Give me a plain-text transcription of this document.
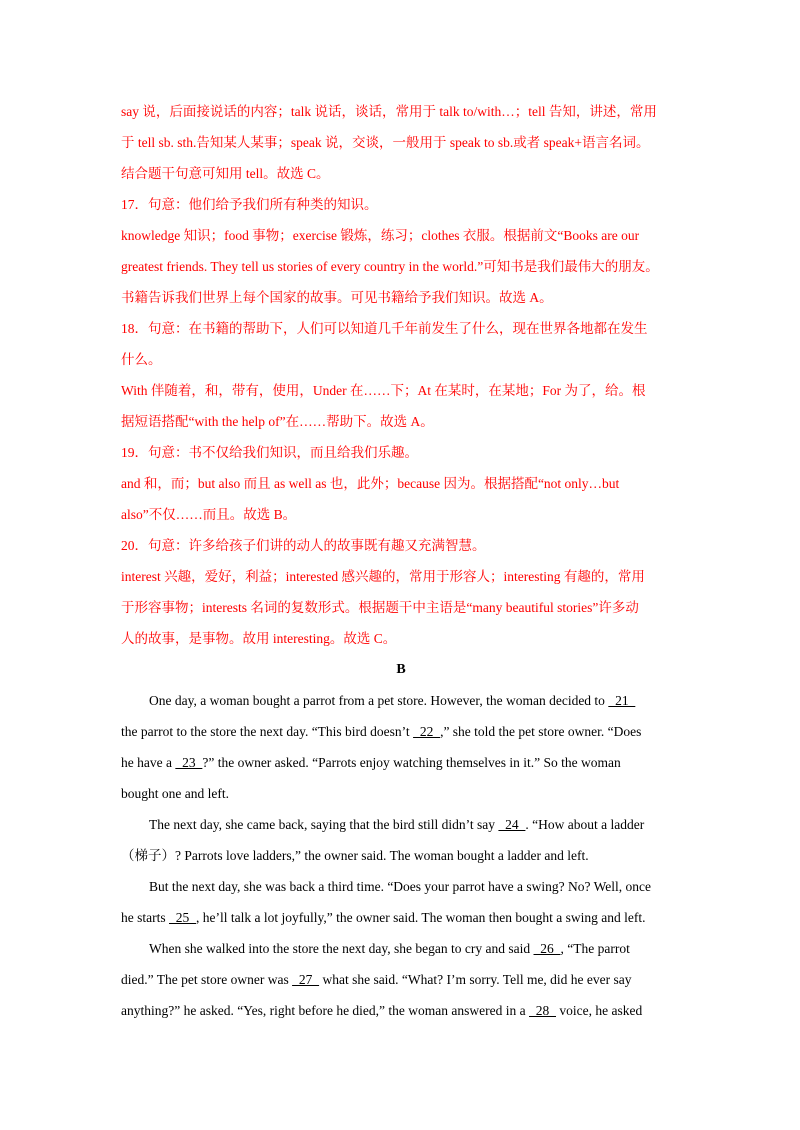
say 说，后面接说话的内容；talk 说话，谈话，常用于 talk to/with…；tell 告知，讲述，常用
于 tell sb. sth.告知某人某事；speak 说，交谈，一般用于 speak to sb.或者 speak+语言名词。
结合题干句意可知用 tell。故选 C。
17．句意：他们给予我们所有种类的知识。
knowledge 知识；food 事物；exercise 锻炼，练习；clothes 衣服。根据前文“Books are our
greatest friends. They tell us stories of every country in the world.”可知书是我们最伟大的朋友。
书籍告诉我们世界上每个国家的故事。可见书籍给予我们知识。故选 A。
18．句意：在书籍的帮助下，人们可以知道几千年前发生了什么，现在世界各地都在发生
什么。
With 伴随着，和，带有，使用，Under 在……下；At 在某时，在某地；For 为了，给。根
据短语搭配“with the help of”在……帮助下。故选 A。
19．句意：书不仅给我们知识，而且给我们乐趣。
and 和，而；but also 而且 as well as 也，此外；because 因为。根据搭配“not only…but
also”不仅……而且。故选 B。
20．句意：许多给孩子们讲的动人的故事既有趣又充满智慧。
interest 兴趣，爱好，利益；interested 感兴趣的，常用于形容人；interesting 有趣的，常用
于形容事物；interests 名词的复数形式。根据题干中主语是“many beautiful stories”许多动
人的故事，是事物。故用 interesting。故选 C。
B
One day, a woman bought a parrot from a pet store. However, the woman decided to   21
the parrot to the store the next day. “This bird doesn’t   22  ,” she told the pet store owner. “Does
he have a   23  ?” the owner asked. “Parrots enjoy watching themselves in it.” So the woman
bought one and left.
The next day, she came back, saying that the bird still didn’t say   24  . “How about a ladder
（梯子）? Parrots love ladders,” the owner said. The woman bought a ladder and left.
But the next day, she was back a third time. “Does your parrot have a swing? No? Well, once
he starts   25  , he’ll talk a lot joyfully,” the owner said. The woman then bought a swing and left.
When she walked into the store the next day, she began to cry and said   26  , “The parrot
died.” The pet store owner was   27   what she said. “What? I’m sorry. Tell me, did he ever say
anything?” he asked. “Yes, right before he died,” the woman answered in a   28   voice, he asked
